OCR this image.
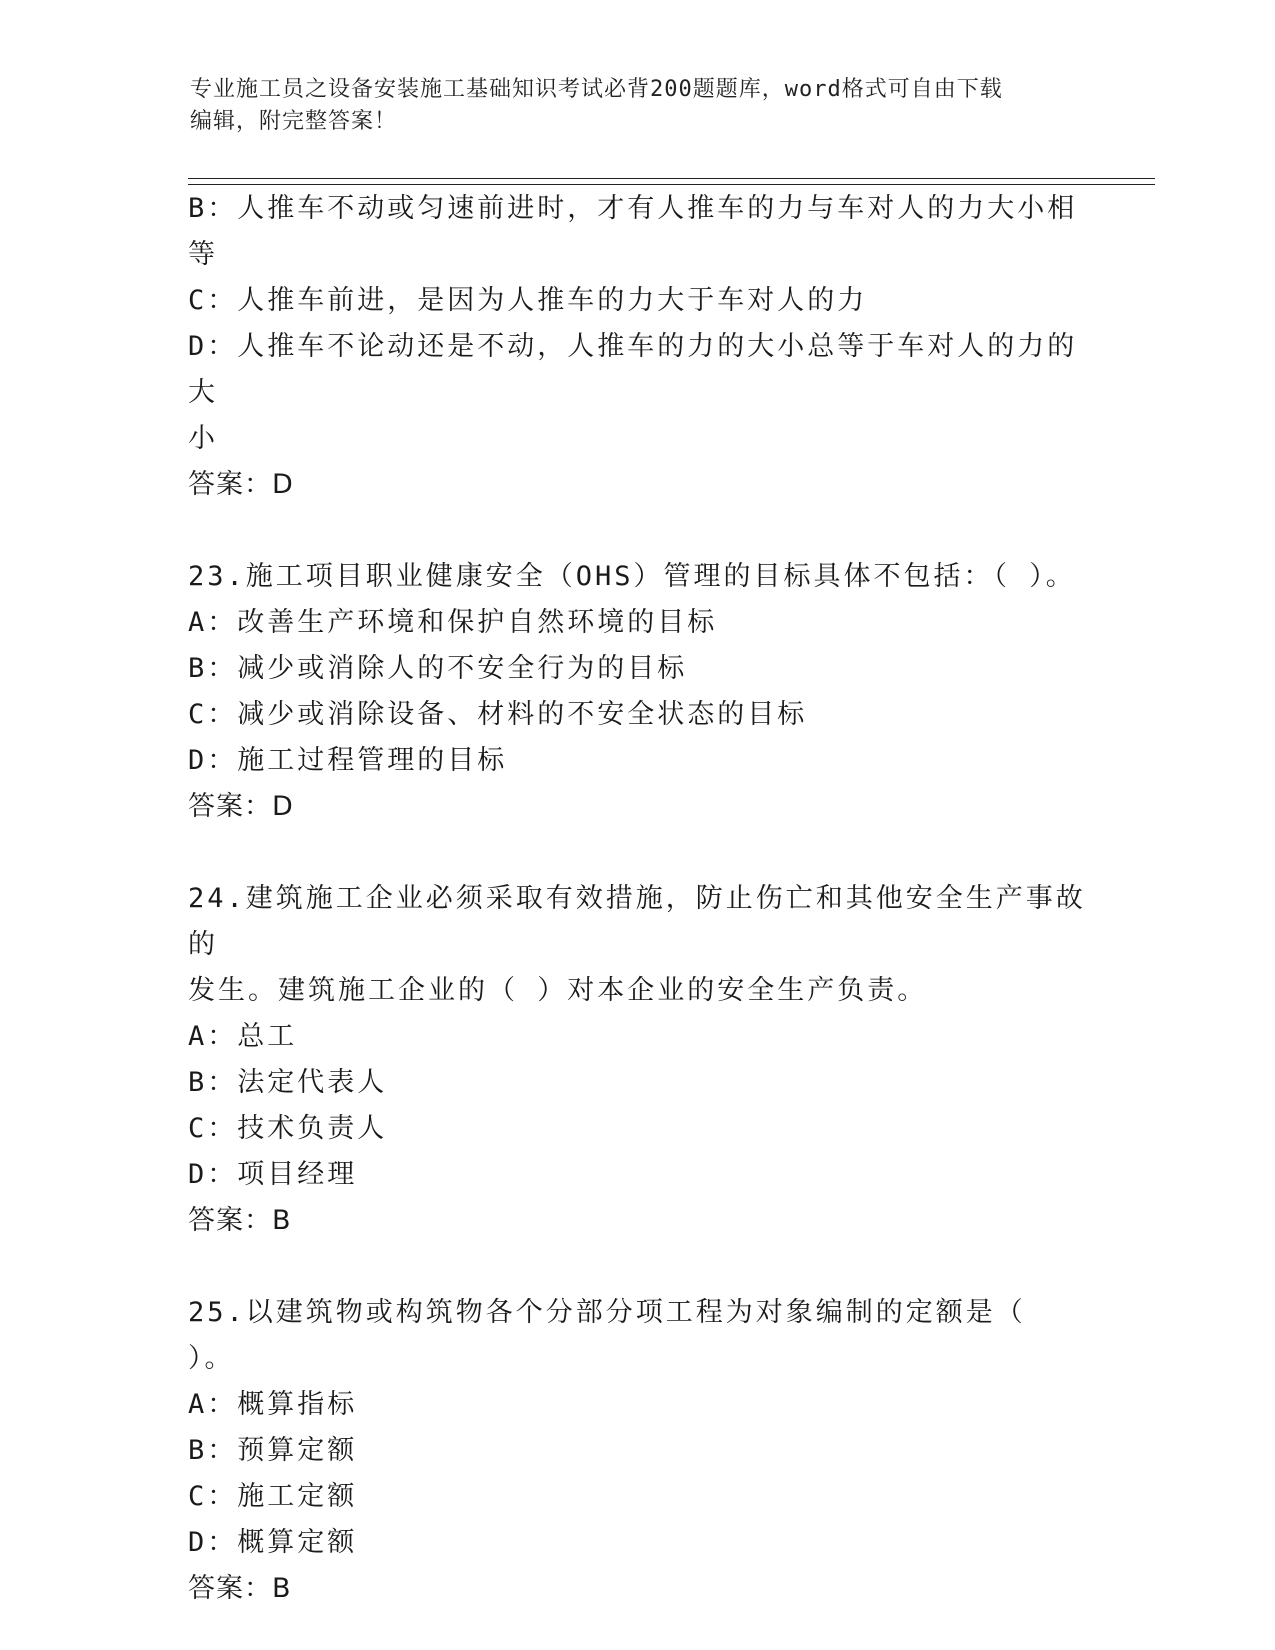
专业施工员之设备安装施工基础知识考试必背200题题库，word格式可自由下载
编辑，附完整答案！
B：人推车不动或匀速前进时，才有人推车的力与车对人的力大小相等
C：人推车前进，是因为人推车的力大于车对人的力
D：人推车不论动还是不动，人推车的力的大小总等于车对人的力的大
小
答案：D
23.施工项目职业健康安全（OHS）管理的目标具体不包括：（ ）。
A：改善生产环境和保护自然环境的目标
B：减少或消除人的不安全行为的目标
C：减少或消除设备、材料的不安全状态的目标
D：施工过程管理的目标
答案：D
24.建筑施工企业必须采取有效措施，防止伤亡和其他安全生产事故的
发生。建筑施工企业的（ ）对本企业的安全生产负责。
A：总工
B：法定代表人
C：技术负责人
D：项目经理
答案：B
25.以建筑物或构筑物各个分部分项工程为对象编制的定额是（ ）。
A：概算指标
B：预算定额
C：施工定额
D：概算定额
答案：B
